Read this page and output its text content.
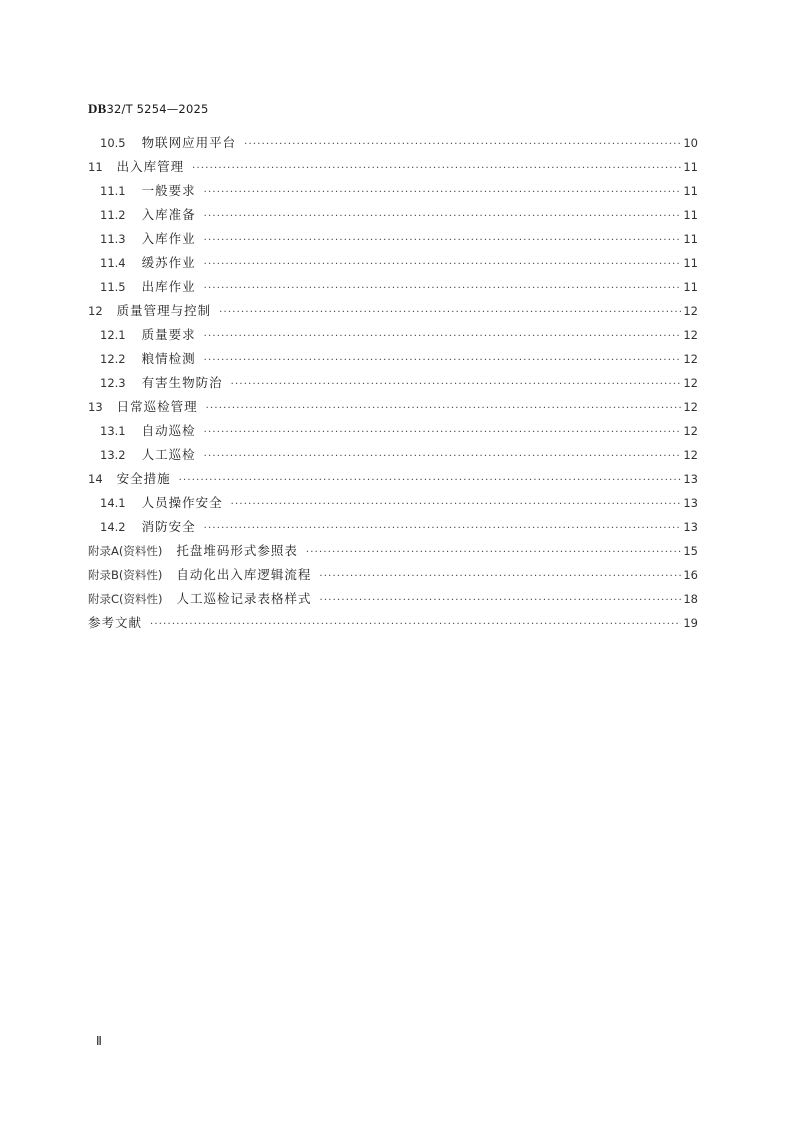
DB32/T 5254—2025
10.5 物联网应用平台 ·····	10
11 出入库管理 ·····	11
11.1 一般要求 ·····	11
11.2 入库准备 ·····	11
11.3 入库作业 ·····	11
11.4 缓苏作业 ·····	11
11.5 出库作业 ·····	11
12 质量管理与控制 ·····	12
12.1 质量要求 ·····	12
12.2 粮情检测 ·····	12
12.3 有害生物防治 ·····	12
13 日常巡检管理 ·····	12
13.1 自动巡检 ·····	12
13.2 人工巡检 ·····	12
14 安全措施 ·····	13
14.1 人员操作安全 ·····	13
14.2 消防安全 ·····	13
附录A(资料性) 托盘堆码形式参照表 ·····	15
附录B(资料性) 自动化出入库逻辑流程 ·····	16
附录C(资料性) 人工巡检记录表格样式 ·····	18
参考文献 ·····	19
Ⅱ
